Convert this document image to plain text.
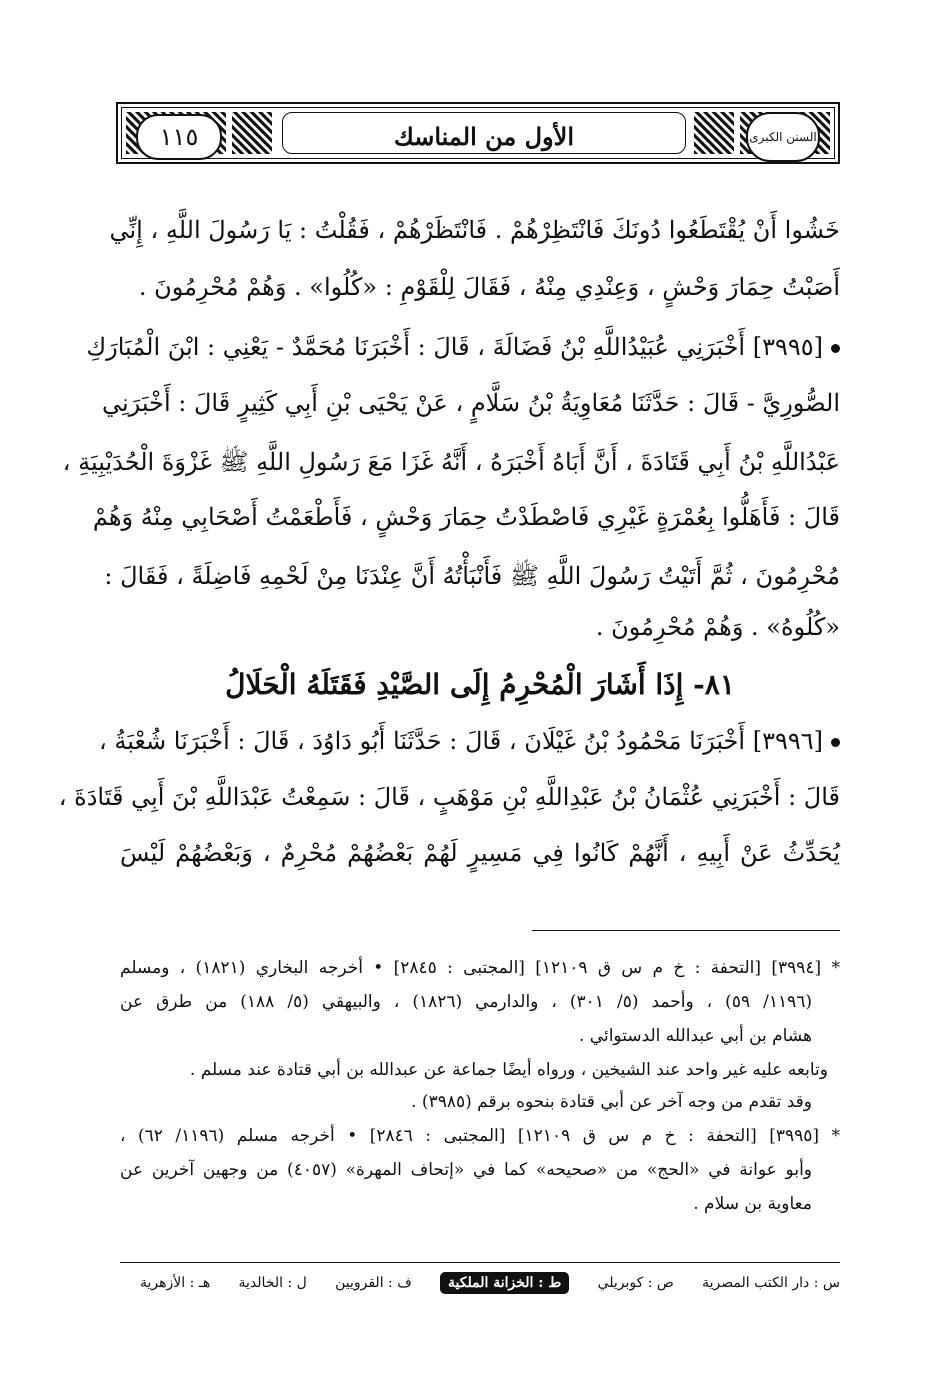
١١٥	السنن الكبرى
الأول من المناسك
خَشُوا أَنْ يُقْتَطَعُوا دُونَكَ فَانْتَظِرْهُمْ . فَانْتَظَرْهُمْ ، فَقُلْتُ : يَا رَسُولَ اللَّهِ ، إِنِّي
أَصَبْتُ حِمَارَ وَحْشٍ ، وَعِنْدِي مِنْهُ ، فَقَالَ لِلْقَوْمِ : «كُلُوا» . وَهُمْ مُحْرِمُونَ .
[٣٩٩٥] أَخْبَرَنِي عُبَيْدُاللَّهِ بْنُ فَضَالَةَ ، قَالَ : أَخْبَرَنَا مُحَمَّدٌ - يَعْنِي : ابْنَ الْمُبَارَكِ
الصُّورِيَّ - قَالَ : حَدَّثَنَا مُعَاوِيَةُ بْنُ سَلَّامٍ ، عَنْ يَحْيَى بْنِ أَبِي كَثِيرٍ قَالَ : أَخْبَرَنِي
عَبْدُاللَّهِ بْنُ أَبِي قَتَادَةَ ، أَنَّ أَبَاهُ أَخْبَرَهُ ، أَنَّهُ غَزَا مَعَ رَسُولِ اللَّهِ ﷺ غَزْوَةَ الْحُدَيْبِيَةِ ،
قَالَ : فَأَهَلُّوا بِعُمْرَةٍ غَيْرِي فَاصْطَدْتُ حِمَارَ وَحْشٍ ، فَأَطْعَمْتُ أَصْحَابِي مِنْهُ وَهُمْ
مُحْرِمُونَ ، ثُمَّ أَتَيْتُ رَسُولَ اللَّهِ ﷺ فَأَنْبَأْتُهُ أَنَّ عِنْدَنَا مِنْ لَحْمِهِ فَاضِلَةً ، فَقَالَ :
«كُلُوهُ» . وَهُمْ مُحْرِمُونَ .
٨١- إِذَا أَشَارَ الْمُحْرِمُ إِلَى الصَّيْدِ فَقَتَلَهُ الْحَلَالُ
[٣٩٩٦] أَخْبَرَنَا مَحْمُودُ بْنُ غَيْلَانَ ، قَالَ : حَدَّثَنَا أَبُو دَاوُدَ ، قَالَ : أَخْبَرَنَا شُعْبَةُ ،
قَالَ : أَخْبَرَنِي عُثْمَانُ بْنُ عَبْدِاللَّهِ بْنِ مَوْهَبٍ ، قَالَ : سَمِعْتُ عَبْدَاللَّهِ بْنَ أَبِي قَتَادَةَ ،
يُحَدِّثُ عَنْ أَبِيهِ ، أَنَّهُمْ كَانُوا فِي مَسِيرٍ لَهُمْ بَعْضُهُمْ مُحْرِمٌ ، وَبَعْضُهُمْ لَيْسَ
* [٣٩٩٤] [التحفة : خ م س ق ١٢١٠٩] [المجتبى : ٢٨٤٥] • أخرجه البخاري (١٨٢١) ، ومسلم
(١١٩٦/ ٥٩) ، وأحمد (٥/ ٣٠١) ، والدارمي (١٨٢٦) ، والبيهقي (٥/ ١٨٨) من طرق عن
هشام بن أبي عبدالله الدستوائي .
وتابعه عليه غير واحد عند الشيخين ، ورواه أيضًا جماعة عن عبدالله بن أبي قتادة عند مسلم .
وقد تقدم من وجه آخر عن أبي قتادة بنحوه برقم (٣٩٨٥) .
* [٣٩٩٥] [التحفة : خ م س ق ١٢١٠٩] [المجتبى : ٢٨٤٦] • أخرجه مسلم (١١٩٦/ ٦٢) ،
وأبو عوانة في «الحج» من «صحيحه» كما في «إتحاف المهرة» (٤٠٥٧) من وجهين آخرين عن
معاوية بن سلام .
س : دار الكتب المصرية
ص : كوبريلي
ط : الخزانة الملكية
ف : القرويين
ل : الخالدية
هـ : الأزهرية
